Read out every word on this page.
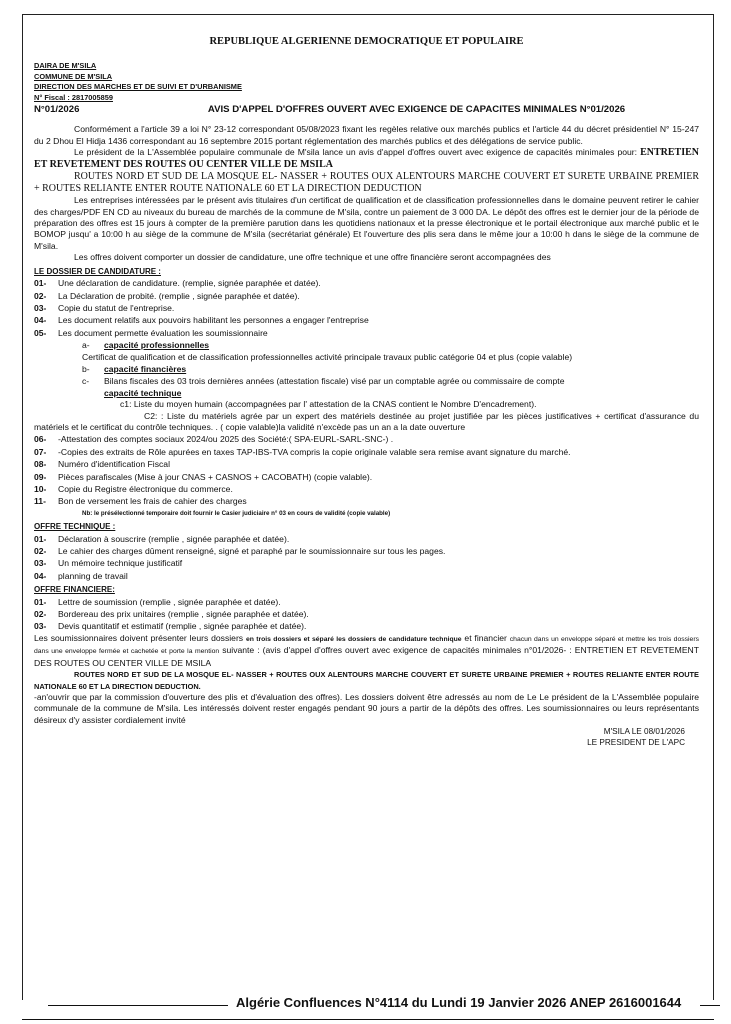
REPUBLIQUE ALGERIENNE DEMOCRATIQUE ET POPULAIRE
DAIRA DE M'SILA
COMMUNE DE M'SILA
DIRECTION DES MARCHES ET DE SUIVI ET D'URBANISME
N° Fiscal : 2817005859
N°01/2026	AVIS D'APPEL D'OFFRES OUVERT AVEC EXIGENCE DE CAPACITES MINIMALES N°01/2026

Conformément a l'article 39 a loi N° 23-12 correspondant 05/08/2023 fixant les regèles relative oux marchés publics et l'article 44 du décret présidentiel N° 15-247 du 2 Dhou El Hidja 1436 correspondant au 16 septembre 2015 portant réglementation des marchés publics et des délégations de service public.

Le président de la L'Assemblée populaire communale de M'sila lance un avis d'appel d'offres ouvert avec exigence de capacités minimales pour: ENTRETIEN ET REVETEMENT DES ROUTES OU CENTER VILLE DE MSILA

ROUTES NORD ET SUD DE LA MOSQUE EL- NASSER + ROUTES OUX ALENTOURS MARCHE COUVERT ET SURETE URBAINE PREMIER + ROUTES RELIANTE ENTER ROUTE NATIONALE 60 ET LA DIRECTION DEDUCTION

Les entreprises intéressées par le présent avis titulaires d'un certificat de qualification et de classification professionnelles dans le domaine peuvent retirer le cahier des charges/PDF EN CD au niveaux du bureau de marchés de la commune de M'sila, contre un paiement de 3 000 DA. Le dépôt des offres est le dernier jour de la période de préparation des offres est 15 jours à compter de la première parution dans les quotidiens nationaux et la presse électronique et le portail électronique aux marché public et le BOMOP jusqu' a 10:00 h au siège de la commune de M'sila (secrétariat générale) Et l'ouverture des plis sera dans le même jour a 10:00 h dans le siège de la commune de M'sila.

Les offres doivent comporter un dossier de candidature, une offre technique et une offre financière seront accompagnées des

LE DOSSIER DE CANDIDATURE :
01-	Une déclaration de candidature. (remplie, signée paraphée et datée).
02-	La Déclaration de probité. (remplie , signée paraphée et datée).
03-	Copie du statut de l'entreprise.
04-	Les document relatifs aux pouvoirs habilitant les personnes a engager l'entreprise
05-	Les document permette évaluation les soumissionnaire
a-	capacité professionnelles
Certificat de qualification et de classification professionnelles activité principale travaux public catégorie 04 et plus (copie valable)
b-	capacité financières
c-	Bilans fiscales des 03 trois dernières années (attestation fiscale) visé par un comptable agrée ou commissaire de compte
capacité technique
c1: Liste du moyen humain (accompagnées par l' attestation de la CNAS contient le Nombre D'encadrement).

C2: : Liste du matériels agrée par un expert des matériels destinée au projet justifiée par les pièces justificatives + certificat d'assurance du matériels et le certificat du contrôle techniques. . ( copie valable)la validité n'excède pas un an a la date ouverture

06-	-Attestation des comptes sociaux 2024/ou 2025 des Société:( SPA-EURL-SARL-SNC-) .
07-	-Copies des extraits de Rôle apurées en taxes TAP-IBS-TVA compris la copie originale valable sera remise avant signature du marché.
08-	Numéro d'identification Fiscal
09-	Pièces parafiscales (Mise à jour CNAS + CASNOS + CACOBATH) (copie valable).
10-	Copie du Registre électronique du commerce.
11-	Bon de versement les frais de cahier des charges
Nb: le présélectionné temporaire doit fournir le Casier judiciaire n° 03 en cours de validité (copie valable)
OFFRE TECHNIQUE :
01-	Déclaration à souscrire (remplie , signée paraphée et datée).
02-	Le cahier des charges dûment renseigné, signé et paraphé par le soumissionnaire sur tous les pages.
03-	Un mémoire technique justificatif
04-	planning de travail
OFFRE FINANCIERE:
01-	Lettre de soumission (remplie , signée paraphée et datée).
02-	Bordereau des prix unitaires (remplie , signée paraphée et datée).
03-	Devis quantitatif et estimatif (remplie , signée paraphée et datée).

Les soumissionnaires doivent présenter leurs dossiers en trois dossiers et séparé les dossiers de candidature technique et financier chacun dans un enveloppe séparé et mettre les trois dossiers dans une enveloppe fermée et cachetée et porte la mention suivante : (avis d'appel d'offres ouvert avec exigence de capacités minimales n°01/2026- : ENTRETIEN ET REVETEMENT DES ROUTES OU CENTER VILLE DE MSILA

ROUTES NORD ET SUD DE LA MOSQUE EL- NASSER + ROUTES OUX ALENTOURS MARCHE COUVERT ET SURETE URBAINE PREMIER + ROUTES RELIANTE ENTER ROUTE NATIONALE 60 ET LA DIRECTION DEDUCTION.

-an'ouvrir que par la commission d'ouverture des plis et d'évaluation des offres). Les dossiers doivent être adressés au nom de Le Le président de la L'Assemblée populaire communale de la commune de M'sila. Les intéressés doivent rester engagés pendant 90 jours a partir de la dépôts des offres. Les soumissionnaires ou leurs représentants désireux d'y assister cordialement invité

M'SILA LE 08/01/2026
LE PRESIDENT DE L'APC
Algérie Confluences N°4114 du Lundi 19 Janvier 2026 ANEP 2616001644
